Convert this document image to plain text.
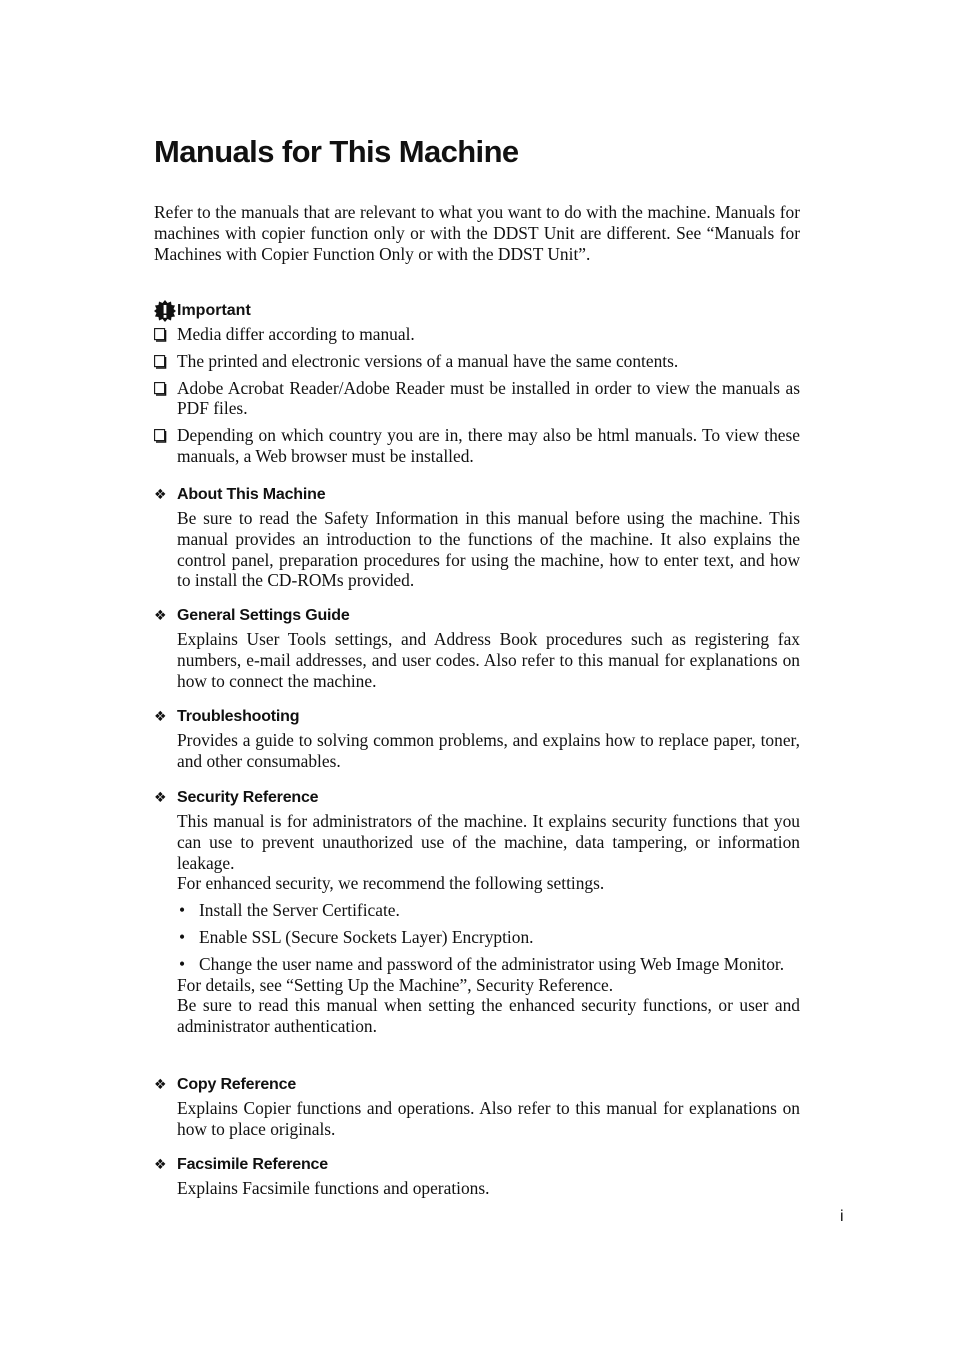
Manuals for This Machine

Refer to the manuals that are relevant to what you want to do with the machine. Manuals for machines with copier function only or with the DDST Unit are different. See “Manuals for Machines with Copier Function Only or with the DDST Unit”.

Important
Media differ according to manual.
The printed and electronic versions of a manual have the same contents.
Adobe Acrobat Reader/Adobe Reader must be installed in order to view the manuals as PDF files.
Depending on which country you are in, there may also be html manuals. To view these manuals, a Web browser must be installed.
❖ About This Machine

Be sure to read the Safety Information in this manual before using the machine. This manual provides an introduction to the functions of the machine. It also explains the control panel, preparation procedures for using the machine, how to enter text, and how to install the CD-ROMs provided.

❖ General Settings Guide

Explains User Tools settings, and Address Book procedures such as registering fax numbers, e-mail addresses, and user codes. Also refer to this manual for explanations on how to connect the machine.

❖ Troubleshooting

Provides a guide to solving common problems, and explains how to replace paper, toner, and other consumables.

❖ Security Reference

This manual is for administrators of the machine. It explains security functions that you can use to prevent unauthorized use of the machine, data tampering, or information leakage.

For enhanced security, we recommend the following settings.

• Install the Server Certificate.
• Enable SSL (Secure Sockets Layer) Encryption.
• Change the user name and password of the administrator using Web Image Monitor.

For details, see “Setting Up the Machine”, Security Reference.

Be sure to read this manual when setting the enhanced security functions, or user and administrator authentication.

❖ Copy Reference

Explains Copier functions and operations. Also refer to this manual for explanations on how to place originals.

❖ Facsimile Reference

Explains Facsimile functions and operations.

i
